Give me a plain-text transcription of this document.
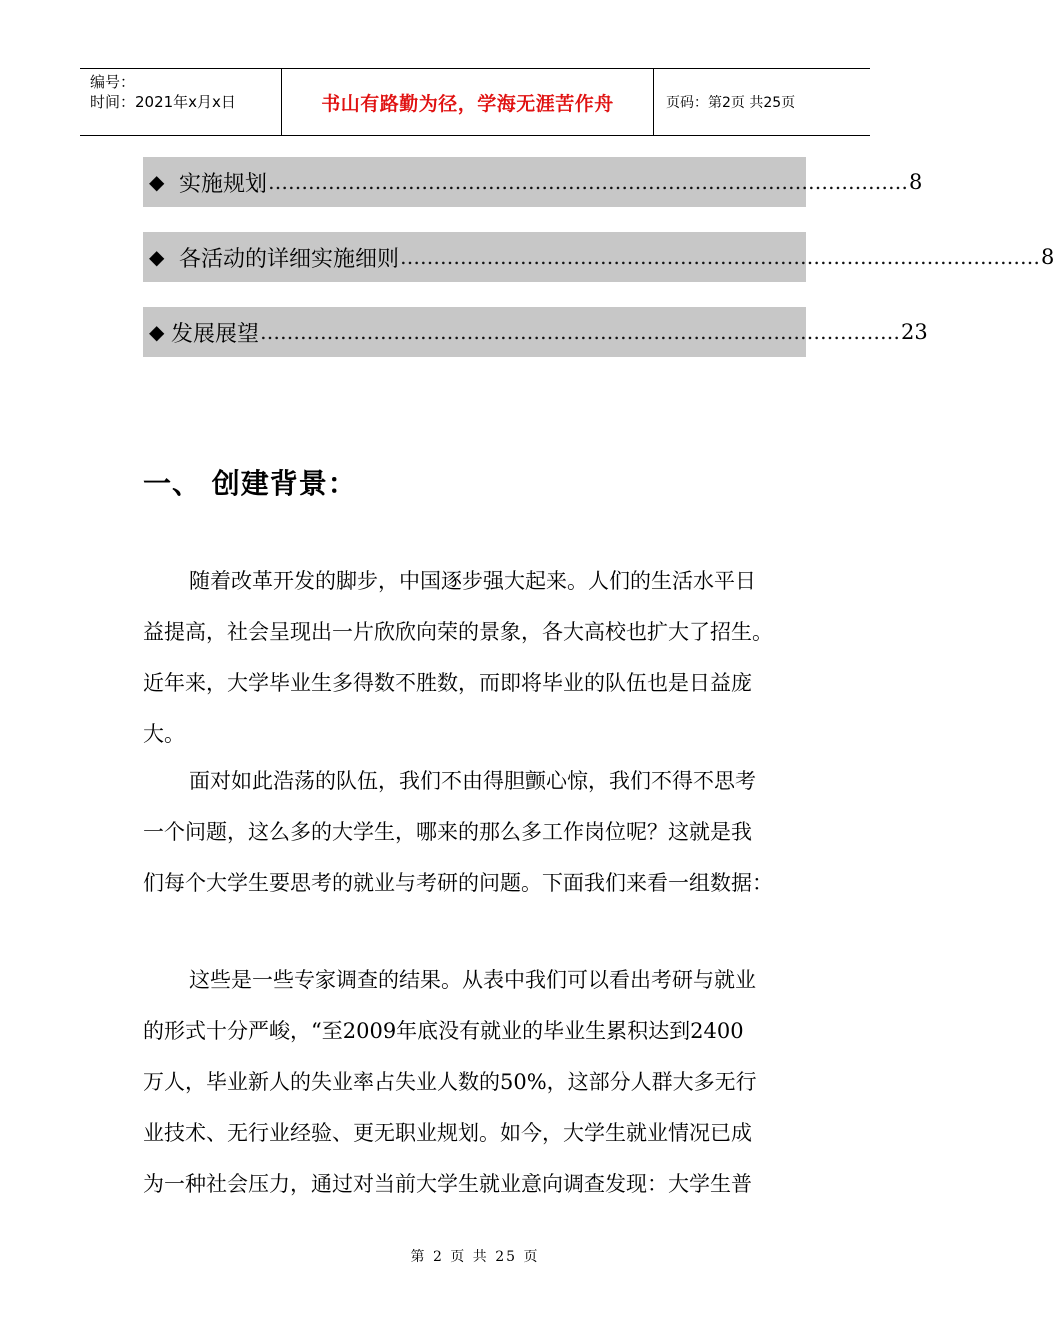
编号：
时间：2021年x月x日	书山有路勤为径，学海无涯苦作舟	页码：第2页 共25页
◆ 实施规划 …………………………………………………………………………………… 8
◆ 各活动的详细实施细则 …………………………………………………………………………………… 8
◆ 发展展望 …………………………………………………………………………………… 23
一、 创建背景：
随着改革开发的脚步，中国逐步强大起来。人们的生活水平日
益提高，社会呈现出一片欣欣向荣的景象，各大高校也扩大了招生。
近年来，大学毕业生多得数不胜数，而即将毕业的队伍也是日益庞
大。
面对如此浩荡的队伍，我们不由得胆颤心惊，我们不得不思考
一个问题，这么多的大学生，哪来的那么多工作岗位呢？这就是我
们每个大学生要思考的就业与考研的问题。下面我们来看一组数据：
这些是一些专家调查的结果。从表中我们可以看出考研与就业
的形式十分严峻，“至2009年底没有就业的毕业生累积达到2400
万人，毕业新人的失业率占失业人数的50%，这部分人群大多无行
业技术、无行业经验、更无职业规划。如今，大学生就业情况已成
为一种社会压力，通过对当前大学生就业意向调查发现：大学生普
第 2 页 共 25 页
